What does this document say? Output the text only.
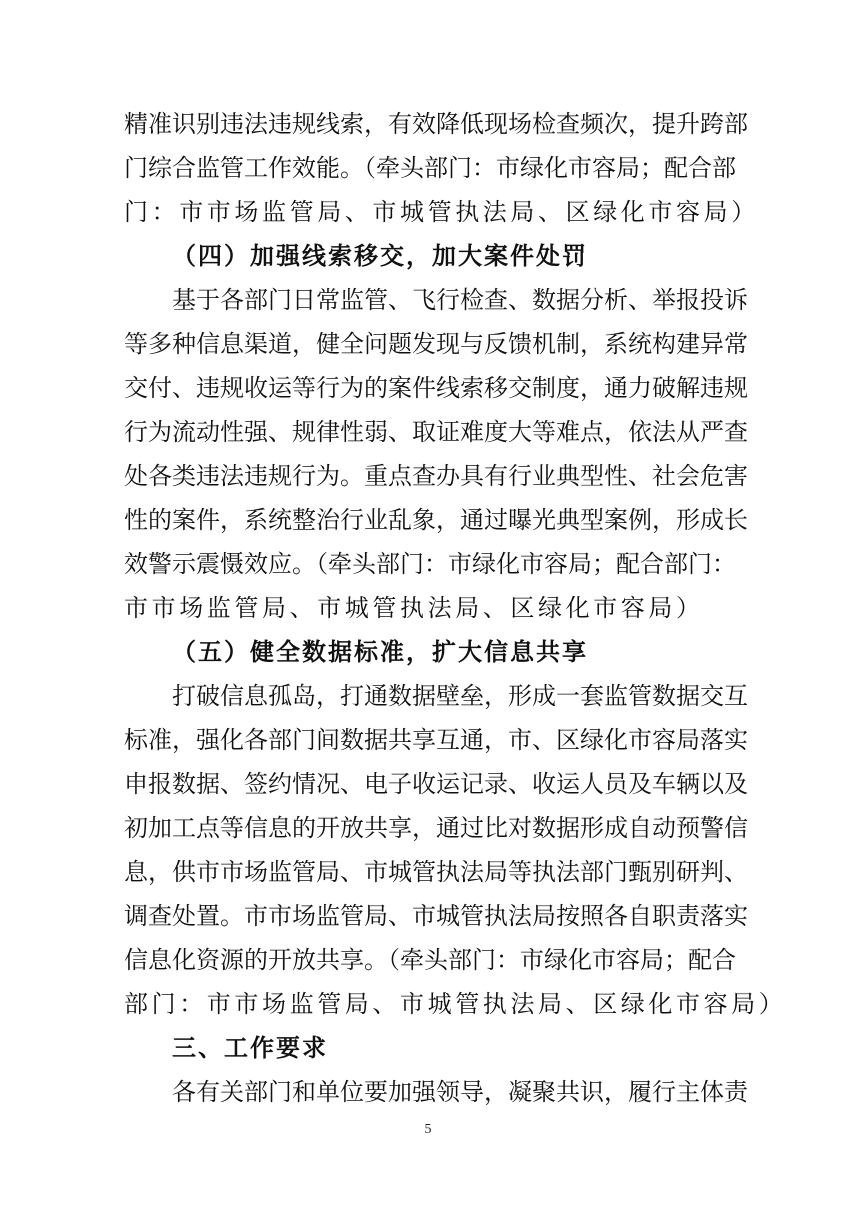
精准识别违法违规线索，有效降低现场检查频次，提升跨部
门综合监管工作效能。（牵头部门：市绿化市容局；配合部
门：市市场监管局、市城管执法局、区绿化市容局）
（四）加强线索移交，加大案件处罚
基于各部门日常监管、飞行检查、数据分析、举报投诉
等多种信息渠道，健全问题发现与反馈机制，系统构建异常
交付、违规收运等行为的案件线索移交制度，通力破解违规
行为流动性强、规律性弱、取证难度大等难点，依法从严查
处各类违法违规行为。重点查办具有行业典型性、社会危害
性的案件，系统整治行业乱象，通过曝光典型案例，形成长
效警示震慑效应。（牵头部门：市绿化市容局；配合部门：
市市场监管局、市城管执法局、区绿化市容局）
（五）健全数据标准，扩大信息共享
打破信息孤岛，打通数据壁垒，形成一套监管数据交互
标准，强化各部门间数据共享互通，市、区绿化市容局落实
申报数据、签约情况、电子收运记录、收运人员及车辆以及
初加工点等信息的开放共享，通过比对数据形成自动预警信
息，供市市场监管局、市城管执法局等执法部门甄别研判、
调查处置。市市场监管局、市城管执法局按照各自职责落实
信息化资源的开放共享。（牵头部门：市绿化市容局；配合
部门：市市场监管局、市城管执法局、区绿化市容局）
三、工作要求
各有关部门和单位要加强领导，凝聚共识，履行主体责
5
